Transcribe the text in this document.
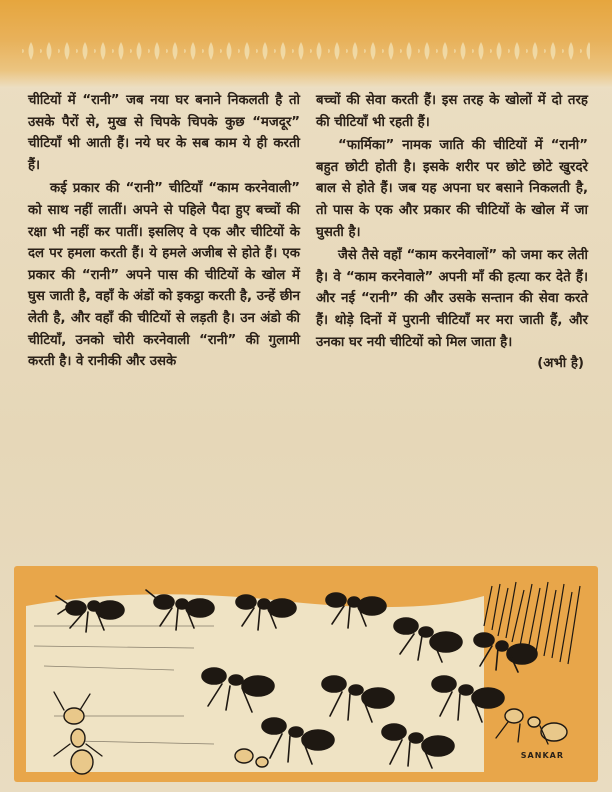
चीटियों में “रानी” जब नया घर बनाने निकलती है तो उसके पैरों से, मुख से चिपके चिपके कुछ “मजदूर” चीटियाँ भी आती हैं। नये घर के सब काम ये ही करती हैं।

कई प्रकार की “रानी” चीटियाँ “काम करनेवाली” को साथ नहीं लातीं। अपने से पहिले पैदा हुए बच्चों की रक्षा भी नहीं कर पातीं। इसलिए वे एक और चीटियों के दल पर हमला करती हैं। ये हमले अजीब से होते हैं। एक प्रकार की “रानी” अपने पास की चीटियों के खोल में घुस जाती है, वहाँ के अंडों को इकट्ठा करती है, उन्हें छीन लेती है, और वहाँ की चीटियों से लड़ती है। उन अंडो की चीटियाँ, उनको चोरी करनेवाली “रानी” की गुलामी करती है। वे रानीकी और उसके

बच्चों की सेवा करती हैं। इस तरह के खोलों में दो तरह की चीटियाँ भी रहती हैं।

“फार्मिका” नामक जाति की चीटियों में “रानी” बहुत छोटी होती है। इसके शरीर पर छोटे छोटे खुरदरे बाल से होते हैं। जब यह अपना घर बसाने निकलती है, तो पास के एक और प्रकार की चीटियों के खोल में जा घुसती है।

जैसे तैसे वहाँ “काम करनेवालों” को जमा कर लेती है। वे “काम करनेवाले” अपनी माँ की हत्या कर देते हैं। और नई “रानी” की और उसके सन्तान की सेवा करते हैं। थोड़े दिनों में पुरानी चीटियाँ मर मरा जाती हैं, और उनका घर नयी चीटियों को मिल जाता है।

(अभी है)

SANKAR
